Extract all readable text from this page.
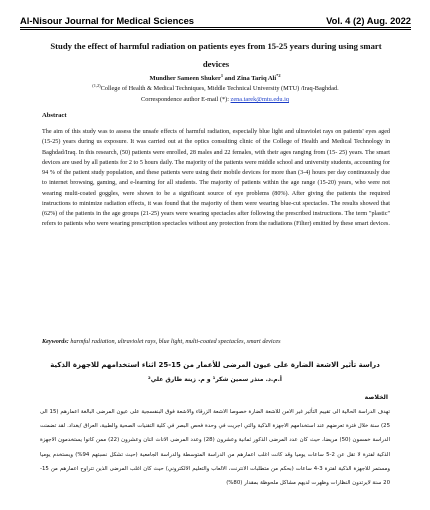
Al-Nisour Journal for Medical Sciences	Vol. 4 (2) Aug. 2022
Study the effect of harmful radiation on patients eyes from 15-25 years during using smart devices
Mundher Sameen Shuker$^1$ and Zina Tariq Ali$^{*2}$
$^{(1,2)}$College of Health & Medical Techniques, Middle Technical University (MTU) /Iraq-Baghdad.
Correspondence author E-mail (*): zena.tarek@mtu.edu.iq
Abstract
The aim of this study was to assess the unsafe effects of harmful radiation, especially blue light and ultraviolet rays on patients' eyes aged (15-25) years during us exposure. It was carried out at the optics consulting clinic of the College of Health and Medical Technology in Baghdad/Iraq. In this research, (50) patients were enrolled, 28 males and 22 females, with their ages ranging from (15- 25) years. The smart devices are used by all patients for 2 to 5 hours daily. The majority of the patients were middle school and university students, accounting for 94 % of the patient study population, and these patients were using their mobile devices for more than (3-4) hours per day continuously due to internet browsing, gaming, and e-learning for all students. The majority of patients within the age range (15-20) years, who were not wearing multi-coated goggles, were shown to be a significant source of eye problems (80%). After giving the patients the required instructions to minimize radiation effects, it was found that the majority of them were wearing blue-cut spectacles. The results showed that (62%) of the patients in the age groups (21-25) years were wearing spectacles after following the prescribed instructions. The term "plastic" refers to patients who were wearing prescription spectacles without any protection from the radiations (Filter) emitted by these smart devices.
Keywords: harmful radiation, ultraviolet rays, blue light, multi-coated spectacles, smart devices
دراسة تأثير الاشعة الضارة على عيون المرضى للأعمار من 15-25 اثناء استخدامهم للاجهزة الذكية
أ.م.د. منذر سمين شكر¹ و م. زينة طارق علي²
الخلاصة
تهدف الدراسة الحالية الى تقييم التأثير غير الامن للاشعة الضارة خصوصا الاشعة الزرقاء والاشعة فوق البنفسجية على عيون المرضى البالغة اعمارهم (15 الى 25) سنة خلال فترة تعرضهم عند استخدامهم الاجهزة الذكية والتي اجريت في وحدة فحص البصر في كلية التقنيات الصحية والطبية، العراق /بغداد. لقد تضمنت الدراسة خمسون (50) مريضا، حيث كان عدد المرضى الذكور ثمانية وعشرون (28) وعدد المرضى الاناث اثنان وعشرون (22) ممن كانوا يستخدمون الاجهزة الذكية لفترة لا تقل عن 2-5 ساعات يوميا وقد كانت اغلب اعمارهم من الدراسة المتوسطة والدراسة الجامعية (حيث تشكل نسبتهم 94%) ويستخدم يوميا ومستمر للاجهزة الذكية لفترة 3-4 ساعات (بحكم من متطلبات الانترنت، الالعاب والتعليم الالكتروني) حيث كان اغلب المرضى الذين تتراوح اعمارهم من 15-20 سنة لايرتدون النظارات وظهرت لديهم مشاكل ملحوظة بمقدار (80%)
